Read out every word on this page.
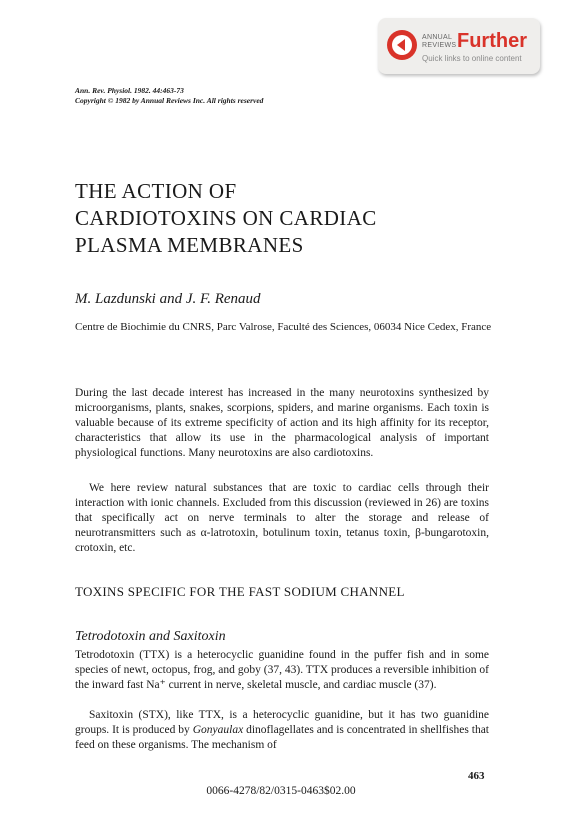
ANNUAL
REVIEWS Further
Quick links to online content
Ann. Rev. Physiol. 1982. 44:463-73
Copyright © 1982 by Annual Reviews Inc. All rights reserved
THE ACTION OF
CARDIOTOXINS ON CARDIAC
PLASMA MEMBRANES
M. Lazdunski and J. F. Renaud
Centre de Biochimie du CNRS, Parc Valrose, Faculté des Sciences, 06034 Nice Cedex, France

During the last decade interest has increased in the many neurotoxins synthesized by microorganisms, plants, snakes, scorpions, spiders, and marine organisms. Each toxin is valuable because of its extreme specificity of action and its high affinity for its receptor, characteristics that allow its use in the pharmacological analysis of important physiological functions. Many neurotoxins are also cardiotoxins.

We here review natural substances that are toxic to cardiac cells through their interaction with ionic channels. Excluded from this discussion (reviewed in 26) are toxins that specifically act on nerve terminals to alter the storage and release of neurotransmitters such as α-latrotoxin, botulinum toxin, tetanus toxin, β-bungarotoxin, crotoxin, etc.

TOXINS SPECIFIC FOR THE FAST SODIUM CHANNEL
Tetrodotoxin and Saxitoxin

Tetrodotoxin (TTX) is a heterocyclic guanidine found in the puffer fish and in some species of newt, octopus, frog, and goby (37, 43). TTX produces a reversible inhibition of the inward fast Na⁺ current in nerve, skeletal muscle, and cardiac muscle (37).

Saxitoxin (STX), like TTX, is a heterocyclic guanidine, but it has two guanidine groups. It is produced by Gonyaulax dinoflagellates and is concentrated in shellfishes that feed on these organisms. The mechanism of

463
0066-4278/82/0315-0463$02.00
